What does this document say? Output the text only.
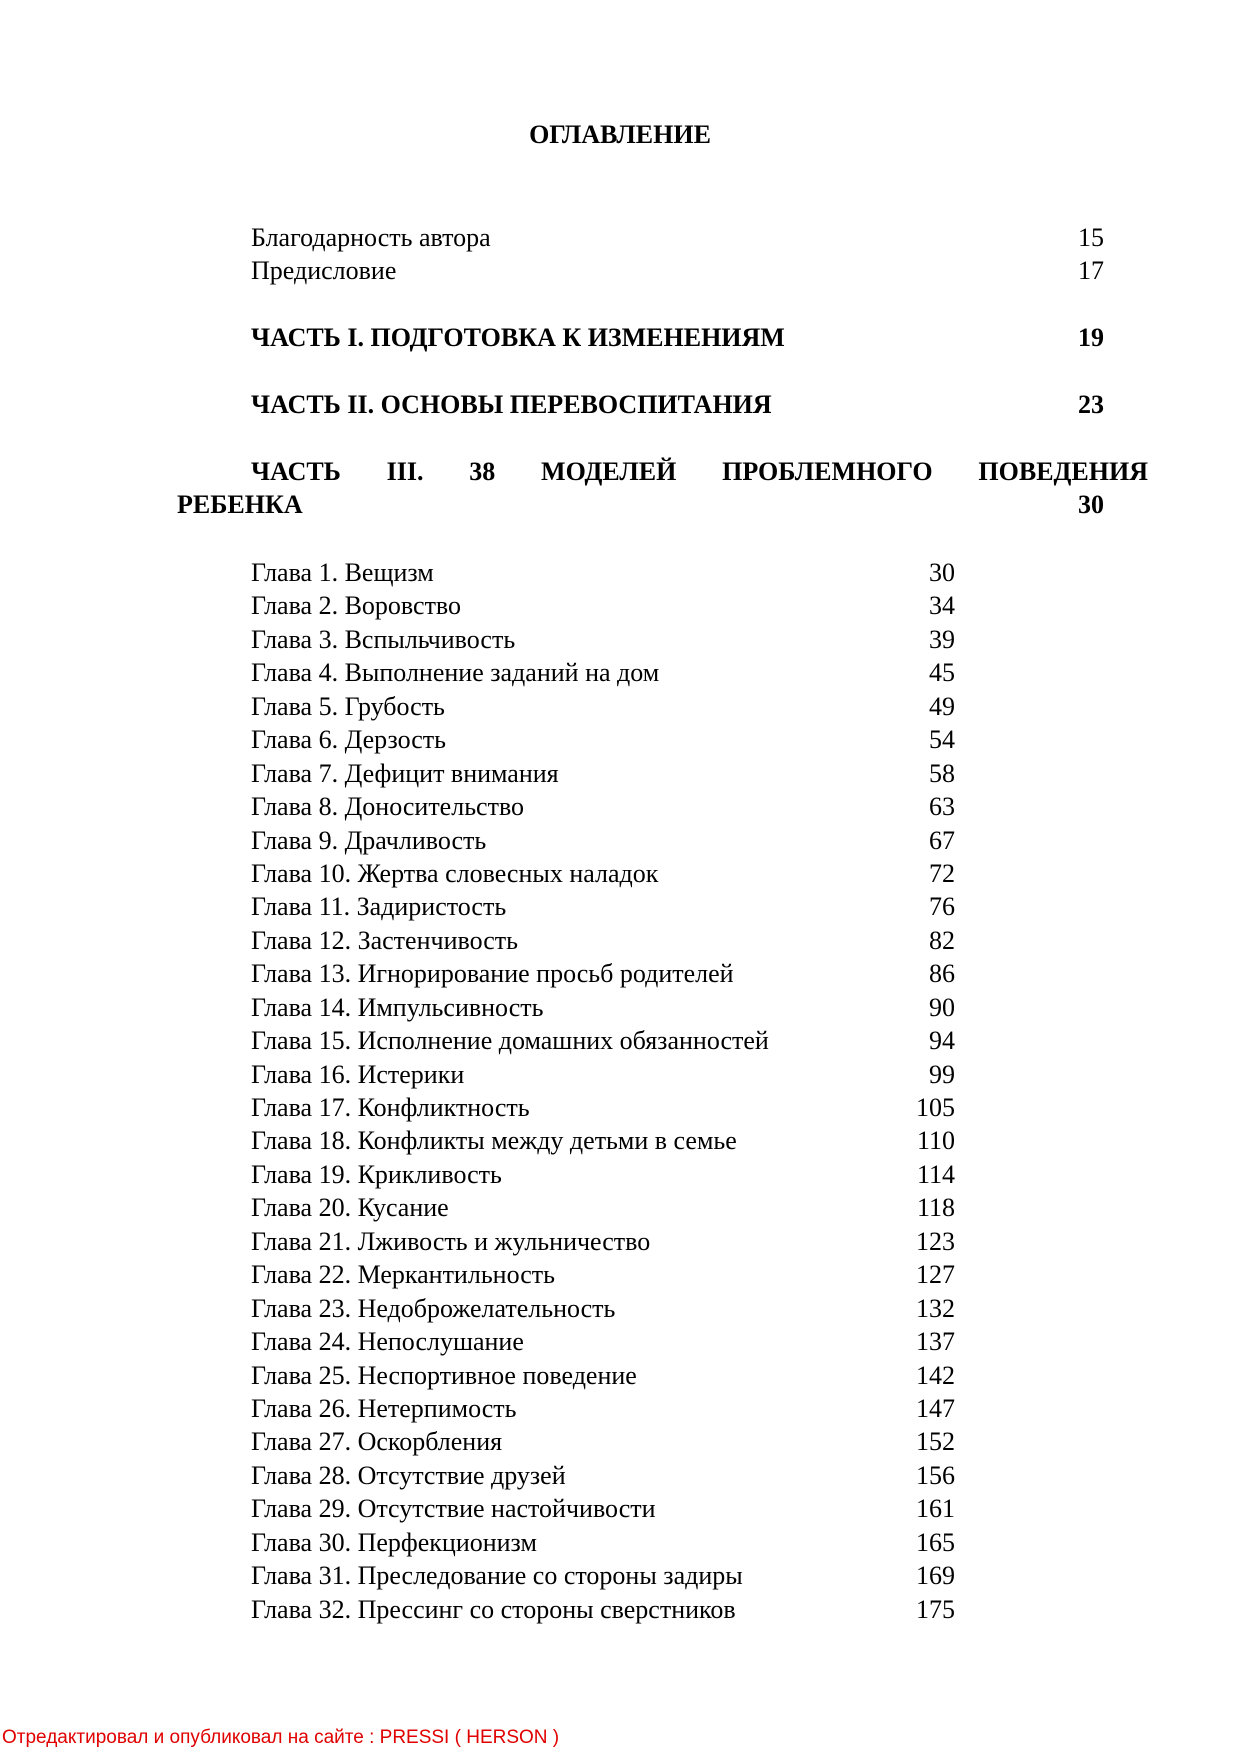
ОГЛАВЛЕНИЕ
Благодарность автора	15
Предисловие	17
ЧАСТЬ I. ПОДГОТОВКА К ИЗМЕНЕНИЯМ	19
ЧАСТЬ II. ОСНОВЫ ПЕРЕВОСПИТАНИЯ	23
ЧАСТЬ III. 38 МОДЕЛЕЙ ПРОБЛЕМНОГО ПОВЕДЕНИЯ
РЕБЕНКА	30
Глава 1. Вещизм	30
Глава 2. Воровство	34
Глава 3. Вспыльчивость	39
Глава 4. Выполнение заданий на дом	45
Глава 5. Грубость	49
Глава 6. Дерзость	54
Глава 7. Дефицит внимания	58
Глава 8. Доносительство	63
Глава 9. Драчливость	67
Глава 10. Жертва словесных наладок	72
Глава 11. Задиристость	76
Глава 12. Застенчивость	82
Глава 13. Игнорирование просьб родителей	86
Глава 14. Импульсивность	90
Глава 15. Исполнение домашних обязанностей	94
Глава 16. Истерики	99
Глава 17. Конфликтность	105
Глава 18. Конфликты между детьми в семье	110
Глава 19. Крикливость	114
Глава 20. Кусание	118
Глава 21. Лживость и жульничество	123
Глава 22. Меркантильность	127
Глава 23. Недоброжелательность	132
Глава 24. Непослушание	137
Глава 25. Неспортивное поведение	142
Глава 26. Нетерпимость	147
Глава 27. Оскорбления	152
Глава 28. Отсутствие друзей	156
Глава 29. Отсутствие настойчивости	161
Глава 30. Перфекционизм	165
Глава 31. Преследование со стороны задиры	169
Глава 32. Прессинг со стороны сверстников	175
Отредактировал и опубликовал на сайте : PRESSI ( HERSON )
